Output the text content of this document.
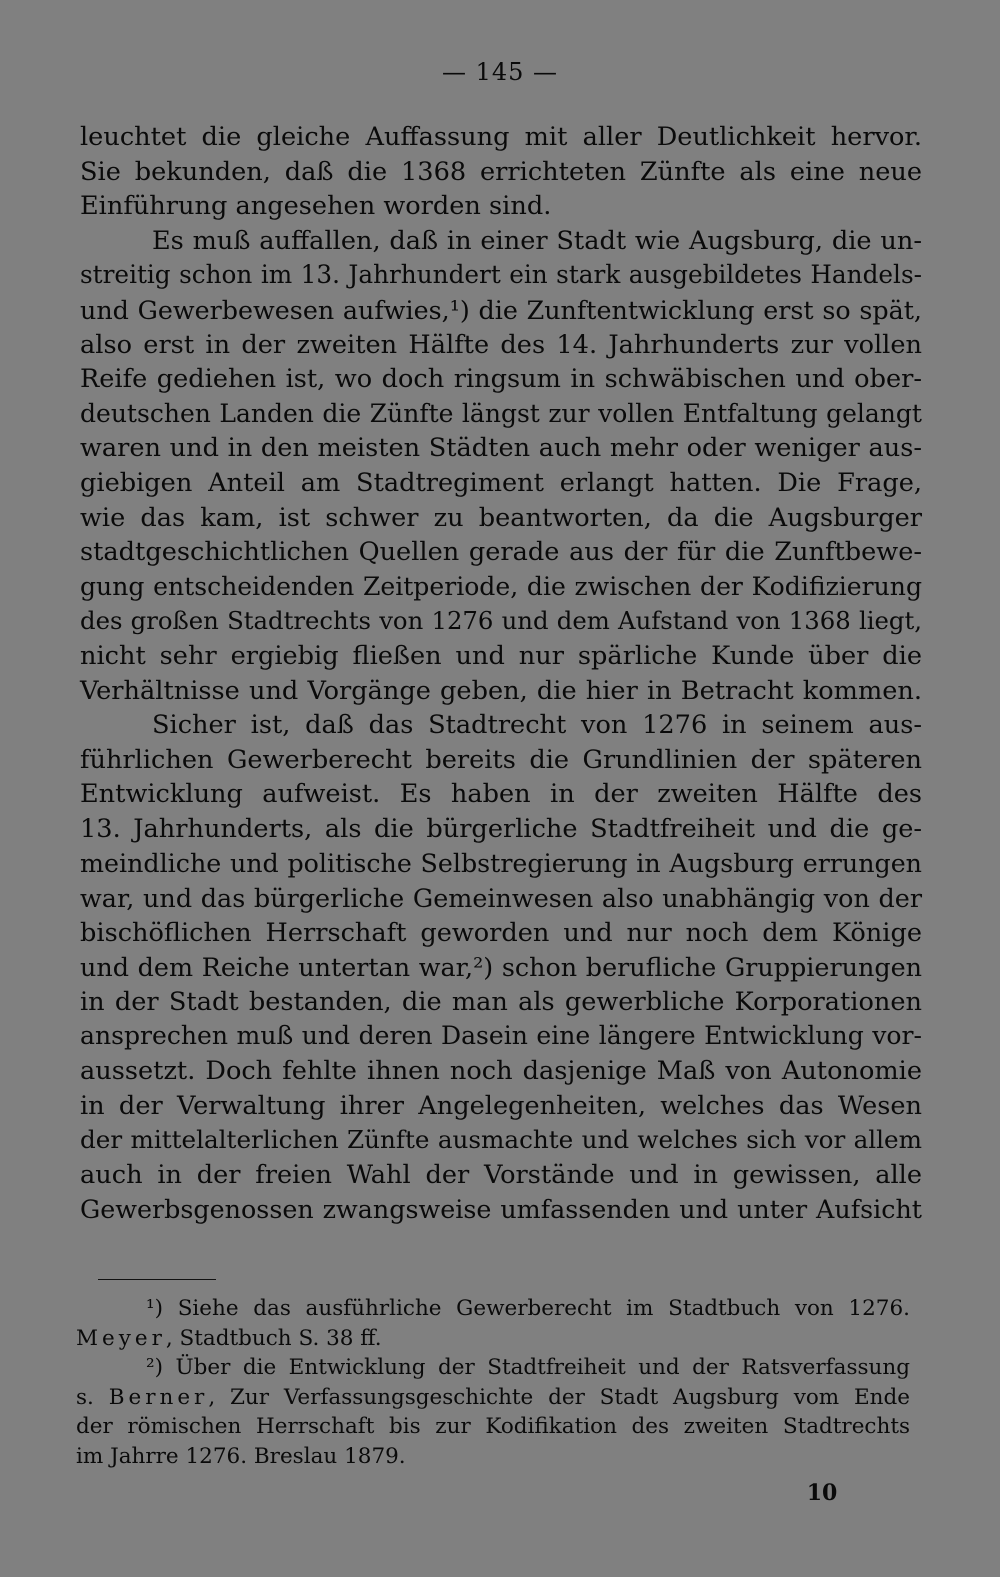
— 145 —

leuchtet die gleiche Auffassung mit aller Deutlichkeit hervor.
Sie bekunden, daß die 1368 errichteten Zünfte als eine neue
Einführung angesehen worden sind.

Es muß auffallen, daß in einer Stadt wie Augsburg, die un-
streitig schon im 13. Jahrhundert ein stark ausgebildetes Handels-
und Gewerbewesen aufwies,¹) die Zunftentwicklung erst so spät,
also erst in der zweiten Hälfte des 14. Jahrhunderts zur vollen
Reife gediehen ist, wo doch ringsum in schwäbischen und ober-
deutschen Landen die Zünfte längst zur vollen Entfaltung gelangt
waren und in den meisten Städten auch mehr oder weniger aus-
giebigen Anteil am Stadtregiment erlangt hatten. Die Frage,
wie das kam, ist schwer zu beantworten, da die Augsburger
stadtgeschichtlichen Quellen gerade aus der für die Zunftbewe-
gung entscheidenden Zeitperiode, die zwischen der Kodifizierung
des großen Stadtrechts von 1276 und dem Aufstand von 1368 liegt,
nicht sehr ergiebig fließen und nur spärliche Kunde über die
Verhältnisse und Vorgänge geben, die hier in Betracht kommen.

Sicher ist, daß das Stadtrecht von 1276 in seinem aus-
führlichen Gewerberecht bereits die Grundlinien der späteren
Entwicklung aufweist. Es haben in der zweiten Hälfte des
13. Jahrhunderts, als die bürgerliche Stadtfreiheit und die ge-
meindliche und politische Selbstregierung in Augsburg errungen
war, und das bürgerliche Gemeinwesen also unabhängig von der
bischöflichen Herrschaft geworden und nur noch dem Könige
und dem Reiche untertan war,²) schon berufliche Gruppierungen
in der Stadt bestanden, die man als gewerbliche Korporationen
ansprechen muß und deren Dasein eine längere Entwicklung vor-
aussetzt. Doch fehlte ihnen noch dasjenige Maß von Autonomie
in der Verwaltung ihrer Angelegenheiten, welches das Wesen
der mittelalterlichen Zünfte ausmachte und welches sich vor allem
auch in der freien Wahl der Vorstände und in gewissen, alle
Gewerbsgenossen zwangsweise umfassenden und unter Aufsicht

¹) Siehe das ausführliche Gewerberecht im Stadtbuch von 1276.
Meyer, Stadtbuch S. 38 ff.
²) Über die Entwicklung der Stadtfreiheit und der Ratsverfassung
s. Berner, Zur Verfassungsgeschichte der Stadt Augsburg vom Ende
der römischen Herrschaft bis zur Kodifikation des zweiten Stadtrechts
im Jahrre 1276. Breslau 1879.
10
